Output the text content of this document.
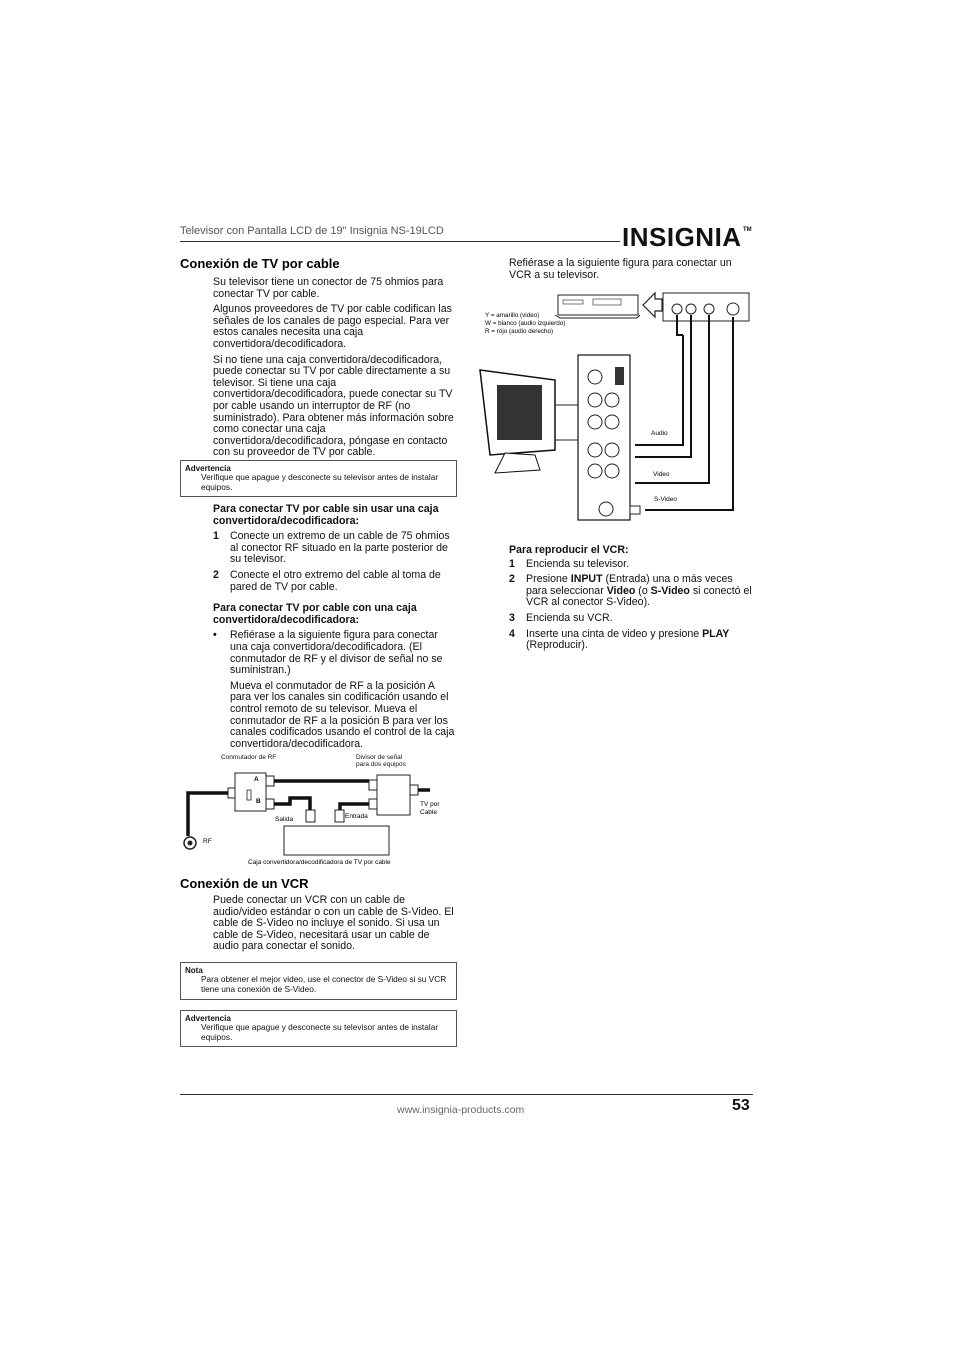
Televisor con Pantalla LCD de 19" Insignia NS-19LCD	INSIGNIA TM
Conexión de TV por cable

Su televisor tiene un conector de 75 ohmios para conectar TV por cable.

Algunos proveedores de TV por cable codifican las señales de los canales de pago especial. Para ver estos canales necesita una caja convertidora/decodificadora.

Si no tiene una caja convertidora/decodificadora, puede conectar su TV por cable directamente a su televisor. Si tiene una caja convertidora/decodificadora, puede conectar su TV por cable usando un interruptor de RF (no suministrado). Para obtener más información sobre como conectar una caja convertidora/decodificadora, póngase en contacto con su proveedor de TV por cable.

Advertencia
Verifique que apague y desconecte su televisor antes de instalar equipos.
Para conectar TV por cable sin usar una caja convertidora/decodificadora:
1	Conecte un extremo de un cable de 75 ohmios al conector RF situado en la parte posterior de su televisor.
2	Conecte el otro extremo del cable al toma de pared de TV por cable.
Para conectar TV por cable con una caja convertidora/decodificadora:
•	Refiérase a la siguiente figura para conectar una caja convertidora/decodificadora. (El conmutador de RF y el divisor de señal no se suministran.)
Mueva el conmutador de RF a la posición A para ver los canales sin codificación usando el control remoto de su televisor. Mueva el conmutador de RF a la posición B para ver los canales codificados usando el control de la caja convertidora/decodificadora.
Conmutador de RF	Divisor de señal
para dos equipos
A
B
Salida	Entrada
TV por
Cable
RF
Caja convertidora/decodificadora de TV por cable
Conexión de un VCR

Puede conectar un VCR con un cable de audio/video estándar o con un cable de S-Video. El cable de S-Video no incluye el sonido. Si usa un cable de S-Video, necesitará usar un cable de audio para conectar el sonido.

Nota
Para obtener el mejor video, use el conector de S-Video si su VCR tiene una conexión de S-Video.
Advertencia
Verifique que apague y desconecte su televisor antes de instalar equipos.

Refiérase a la siguiente figura para conectar un VCR a su televisor.

Y = amarillo (video)
W = blanco (audio izquierdo)
R = rojo (audio derecho)
Audio
Video
S-Video
Para reproducir el VCR:
1	Encienda su televisor.
2	Presione INPUT (Entrada) una o más veces para seleccionar Video (o S-Video si conectó el VCR al conector S-Video).
3	Encienda su VCR.
4	Inserte una cinta de video y presione PLAY (Reproducir).
www.insignia-products.com	53
